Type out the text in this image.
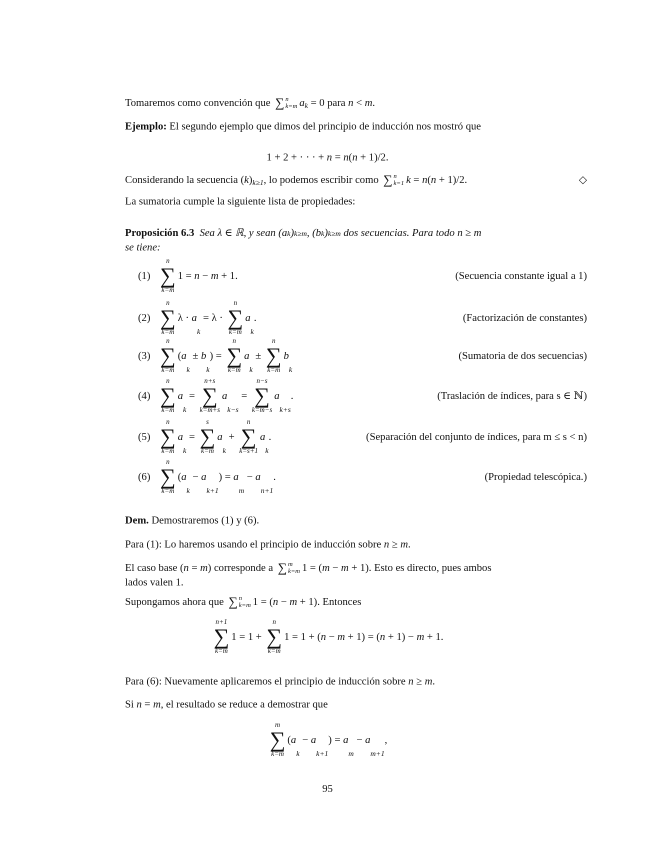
Tomaremos como convención que ∑ n
k=m a k = 0 para n < m .
Ejemplo: El segundo ejemplo que dimos del principio de inducción nos mostró que
1 + 2 + · · · + n = n ( n + 1)/2.
Considerando la secuencia ( k ) k≥1 , lo podemos escribir como ∑ n
k=1 k = n ( n + 1)/2.	◇
La sumatoria cumple la siguiente lista de propiedades:
Proposición 6.3 Sea λ ∈ ℝ, y sean ( a k ) k≥m , ( b k ) k≥m dos secuencias. Para todo n ≥ m
se tiene:
(1)
n
∑
k=m
1 = n − m + 1.	(Secuencia constante igual a 1)
(2)
n
∑
k=m
λ · a
k
= λ ·
n
∑
k=m
a
k
.	(Factorización de constantes)
(3)
n
∑
k=m
( a
k
± b
k
) =
n
∑
k=m
a
k
±
n
∑
k=m
b
k
(Sumatoria de dos secuencias)
(4)
n
∑
k=m
a
k
=
n+s
∑
k=m+s
a
k−s
=
n−s
∑
k=m−s
a
k+s
.	(Traslación de índices, para s ∈ ℕ)
(5)
n
∑
k=m
a
k
=
s
∑
k=m
a
k
+
n
∑
k=s+1
a
k
.	(Separación del conjunto de índices, para m ≤ s < n)
(6)
n
∑
k=m
( a
k
− a
k+1
) = a
m
− a
n+1
.	(Propiedad telescópica.)
Dem. Demostraremos (1) y (6).
Para (1): Lo haremos usando el principio de inducción sobre n ≥ m .
El caso base ( n = m ) corresponde a ∑ m
k=m 1 = ( m − m + 1). Esto es directo, pues ambos
lados valen 1.
Supongamos ahora que ∑ n
k=m 1 = ( n − m + 1). Entonces
n+1
∑
k=m
1 = 1 +
n
∑
k=m
1 = 1 + ( n − m + 1) = ( n + 1) − m + 1.
Para (6): Nuevamente aplicaremos el principio de inducción sobre n ≥ m .
Si n = m , el resultado se reduce a demostrar que
m
∑
k=m
( a
k
− a
k+1
) = a
m
− a
m+1
,
95
